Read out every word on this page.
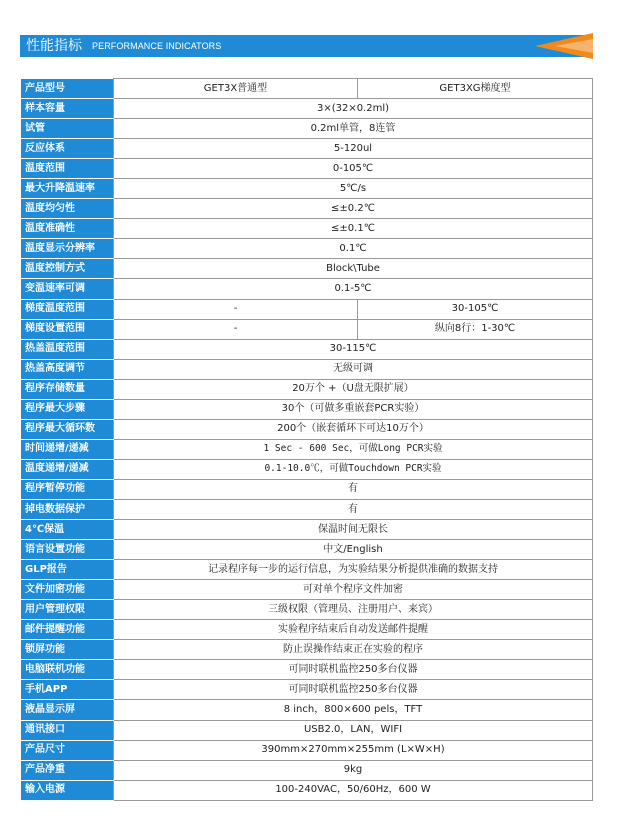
性能指标 PERFORMANCE INDICATORS
产品型号	GET3X普通型	GET3XG梯度型
样本容量	3×(32×0.2ml)	
试管	0.2ml单管，8连管	
反应体系	5-120ul	
温度范围	0-105℃	
最大升降温速率	5℃/s	
温度均匀性	≤±0.2℃	
温度准确性	≤±0.1℃	
温度显示分辨率	0.1℃	
温度控制方式	Block\Tube	
变温速率可调	0.1-5℃	
梯度温度范围	-	30-105℃
梯度设置范围	-	纵向8行：1-30℃
热盖温度范围	30-115℃	
热盖高度调节	无级可调	
程序存储数量	20万个 +（U盘无限扩展）	
程序最大步骤	30个（可做多重嵌套PCR实验）	
程序最大循环数	200个（嵌套循环下可达10万个）	
时间递增/递减	1 Sec - 600 Sec，可做Long PCR实验	
温度递增/递减	0.1-10.0℃，可做Touchdown PCR实验	
程序暂停功能	有	
掉电数据保护	有	
4℃保温	保温时间无限长	
语言设置功能	中文/English	
GLP报告	记录程序每一步的运行信息，为实验结果分析提供准确的数据支持	
文件加密功能	可对单个程序文件加密	
用户管理权限	三级权限（管理员、注册用户、来宾）	
邮件提醒功能	实验程序结束后自动发送邮件提醒	
锁屏功能	防止误操作结束正在实验的程序	
电脑联机功能	可同时联机监控250多台仪器	
手机APP	可同时联机监控250多台仪器	
液晶显示屏	8 inch，800×600 pels，TFT	
通讯接口	USB2.0，LAN，WIFI	
产品尺寸	390mm×270mm×255mm (L×W×H)	
产品净重	9kg	
输入电源	100-240VAC，50/60Hz，600 W	
